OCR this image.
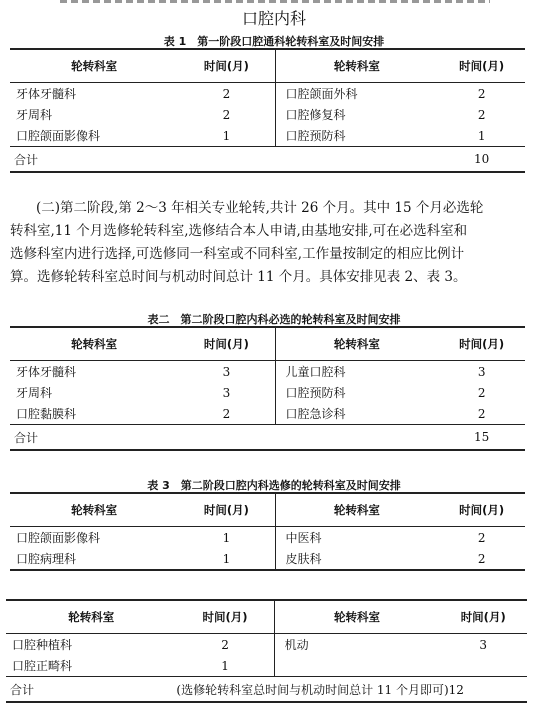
口腔内科
表 1　第一阶段口腔通科轮转科室及时间安排
轮转科室	时间(月)	轮转科室	时间(月)
牙体牙髓科	2	口腔颌面外科	2
牙周科	2	口腔修复科	2
口腔颌面影像科	1	口腔预防科	1
合计			10
(二)第二阶段,第 2～3 年相关专业轮转,共计 26 个月。其中 15 个月必选轮
转科室,11 个月选修轮转科室,选修结合本人申请,由基地安排,可在必选科室和
选修科室内进行选择,可选修同一科室或不同科室,工作量按制定的相应比例计
算。选修轮转科室总时间与机动时间总计 11 个月。具体安排见表 2、表 3。
表二　第二阶段口腔内科必选的轮转科室及时间安排
轮转科室	时间(月)	轮转科室	时间(月)
牙体牙髓科	3	儿童口腔科	3
牙周科	3	口腔预防科	2
口腔黏膜科	2	口腔急诊科	2
合计			15
表 3　第二阶段口腔内科选修的轮转科室及时间安排
轮转科室	时间(月)	轮转科室	时间(月)
口腔颌面影像科	1	中医科	2
口腔病理科	1	皮肤科	2
轮转科室	时间(月)	轮转科室	时间(月)
口腔种植科	2	机动	3
口腔正畸科	1		
合计	(选修轮转科室总时间与机动时间总计 11 个月即可)12		
